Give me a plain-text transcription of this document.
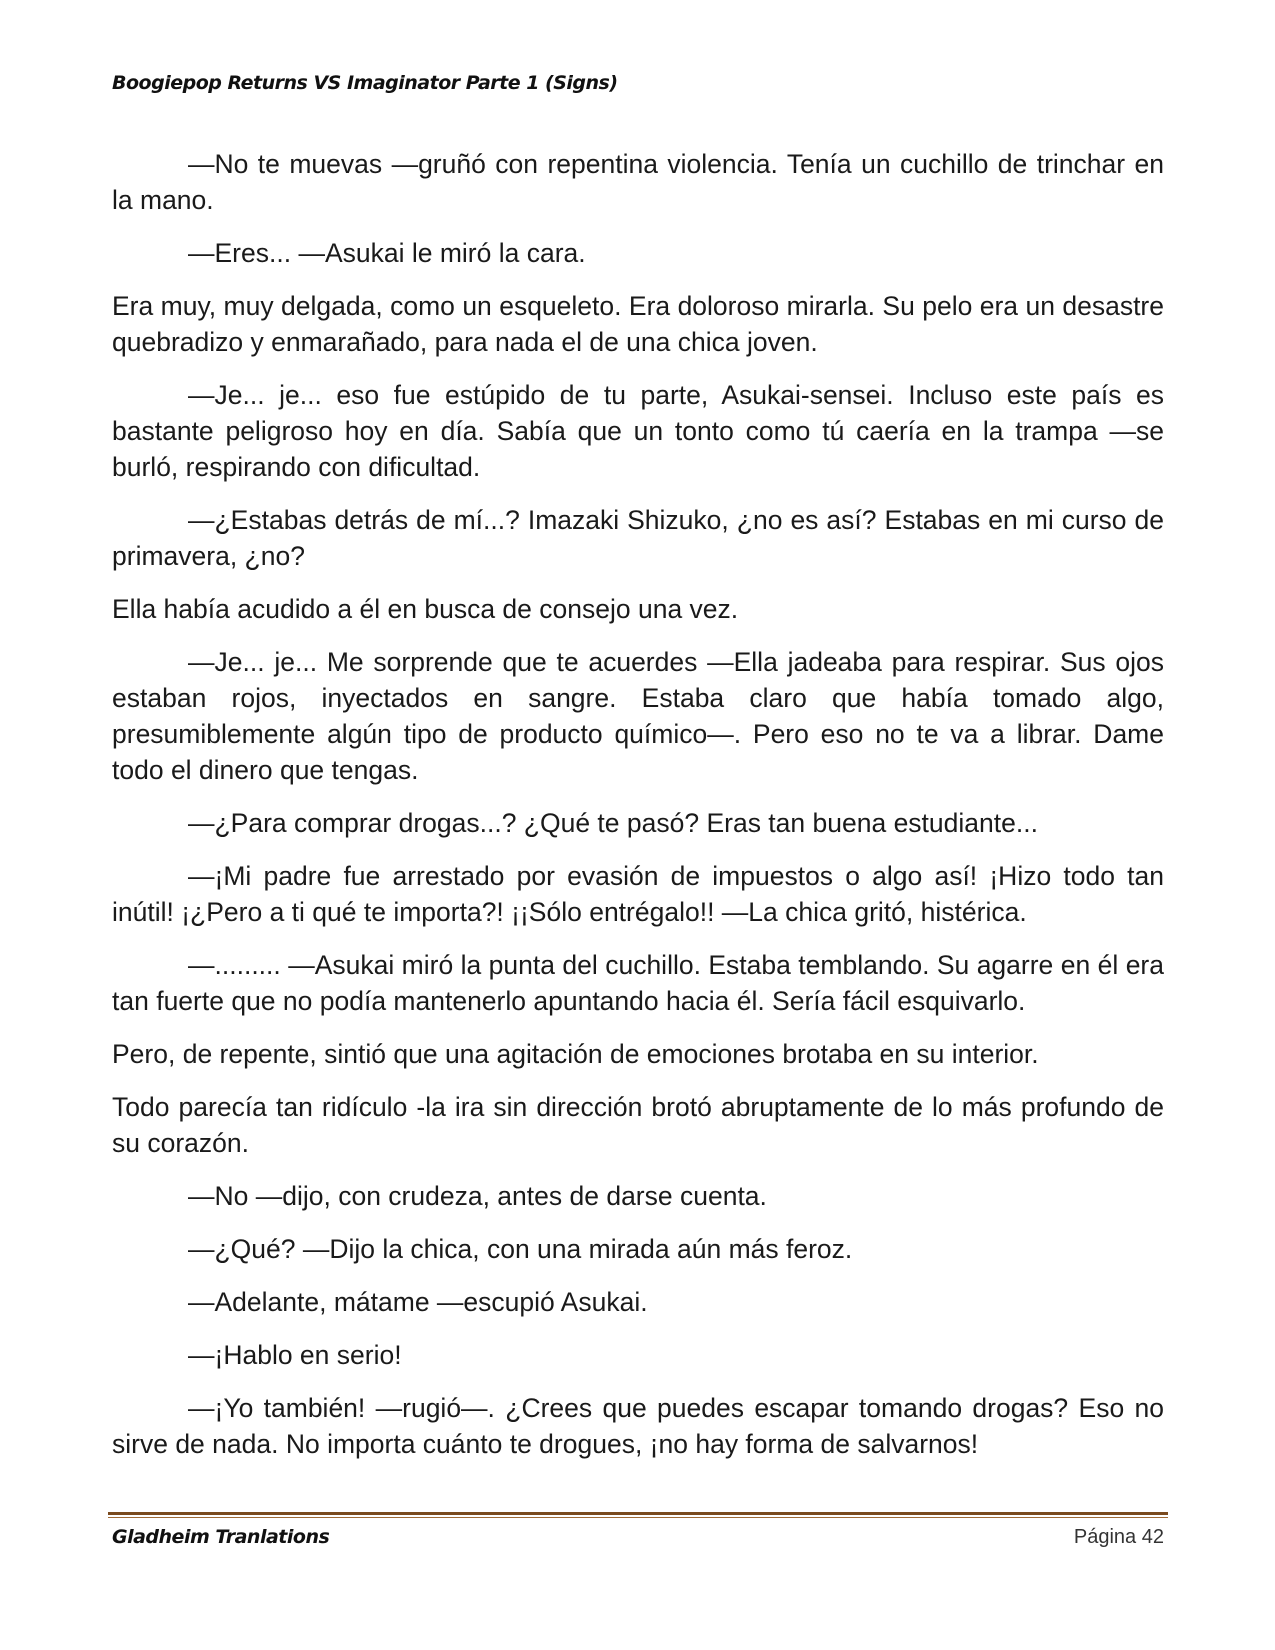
Boogiepop Returns VS Imaginator Parte 1 (Signs)

—No te muevas —gruñó con repentina violencia. Tenía un cuchillo de trinchar en la mano.

—Eres... —Asukai le miró la cara.

Era muy, muy delgada, como un esqueleto. Era doloroso mirarla. Su pelo era un desastre quebradizo y enmarañado, para nada el de una chica joven.

—Je... je... eso fue estúpido de tu parte, Asukai-sensei. Incluso este país es bastante peligroso hoy en día. Sabía que un tonto como tú caería en la trampa —se burló, respirando con dificultad.

—¿Estabas detrás de mí...? Imazaki Shizuko, ¿no es así? Estabas en mi curso de primavera, ¿no?

Ella había acudido a él en busca de consejo una vez.

—Je... je... Me sorprende que te acuerdes —Ella jadeaba para respirar. Sus ojos estaban rojos, inyectados en sangre. Estaba claro que había tomado algo, presumiblemente algún tipo de producto químico—. Pero eso no te va a librar. Dame todo el dinero que tengas.

—¿Para comprar drogas...? ¿Qué te pasó? Eras tan buena estudiante...

—¡Mi padre fue arrestado por evasión de impuestos o algo así! ¡Hizo todo tan inútil! ¡¿Pero a ti qué te importa?! ¡¡Sólo entrégalo!! —La chica gritó, histérica.

—......... —Asukai miró la punta del cuchillo. Estaba temblando. Su agarre en él era tan fuerte que no podía mantenerlo apuntando hacia él. Sería fácil esquivarlo.

Pero, de repente, sintió que una agitación de emociones brotaba en su interior.

Todo parecía tan ridículo -la ira sin dirección brotó abruptamente de lo más profundo de su corazón.

—No —dijo, con crudeza, antes de darse cuenta.

—¿Qué? —Dijo la chica, con una mirada aún más feroz.

—Adelante, mátame —escupió Asukai.

—¡Hablo en serio!

—¡Yo también! —rugió—. ¿Crees que puedes escapar tomando drogas? Eso no sirve de nada. No importa cuánto te drogues, ¡no hay forma de salvarnos!

Gladheim Tranlations	Página 42
